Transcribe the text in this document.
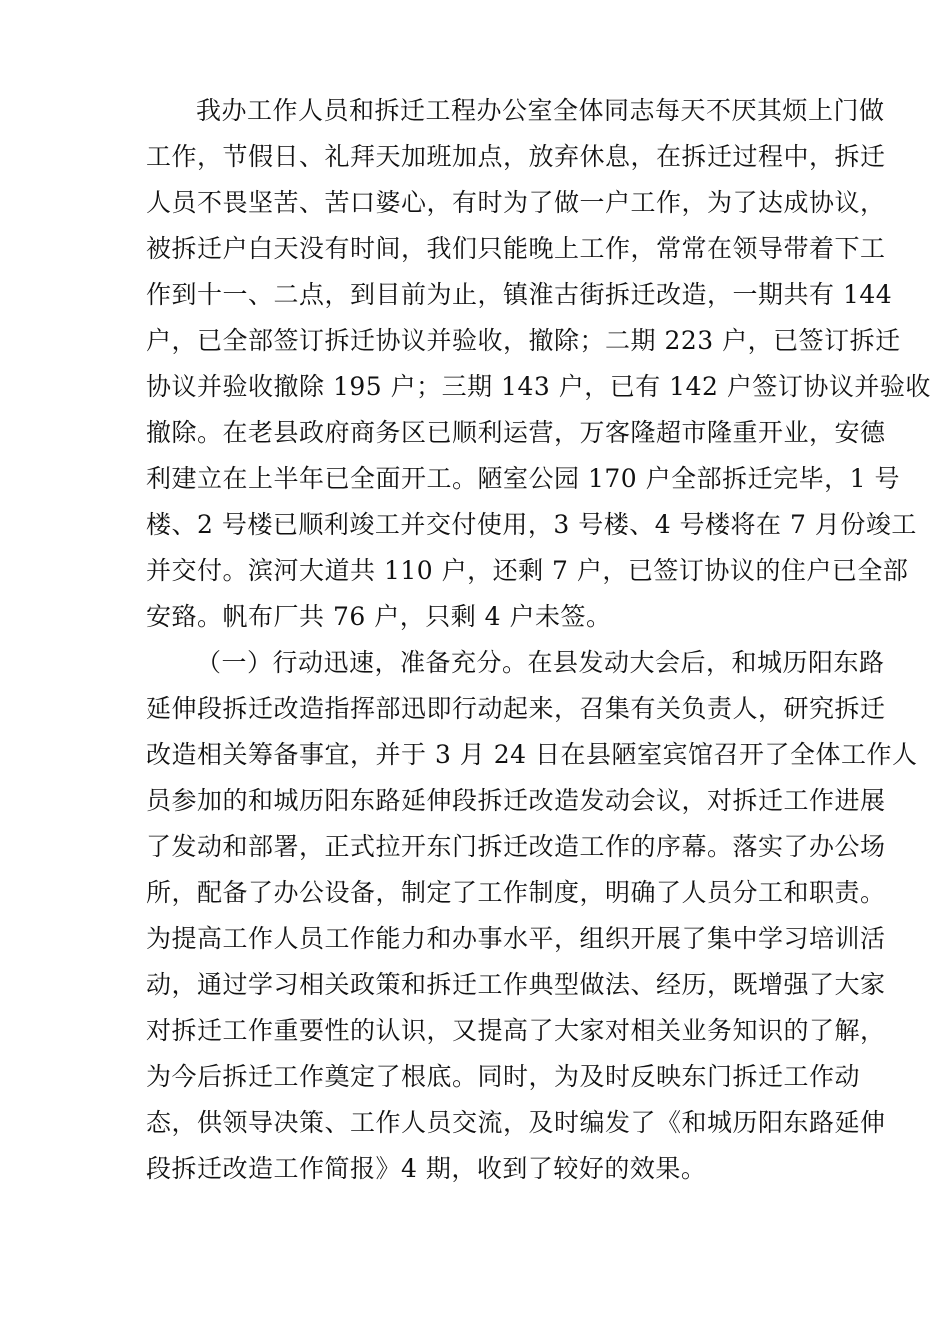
我办工作人员和拆迁工程办公室全体同志每天不厌其烦上门做
工作，节假日、礼拜天加班加点，放弃休息，在拆迁过程中，拆迁
人员不畏坚苦、苦口婆心，有时为了做一户工作，为了达成协议，
被拆迁户白天没有时间，我们只能晚上工作，常常在领导带着下工
作到十一、二点，到目前为止，镇淮古街拆迁改造，一期共有 144
户，已全部签订拆迁协议并验收，撤除；二期 223 户，已签订拆迁
协议并验收撤除 195 户；三期 143 户，已有 142 户签订协议并验收
撤除。在老县政府商务区已顺利运营，万客隆超市隆重开业，安德
利建立在上半年已全面开工。陋室公园 170 户全部拆迁完毕，1 号
楼、2 号楼已顺利竣工并交付使用，3 号楼、4 号楼将在 7 月份竣工
并交付。滨河大道共 110 户，还剩 7 户，已签订协议的住户已全部
安臵。帆布厂共 76 户，只剩 4 户未签。
（一）行动迅速，准备充分。在县发动大会后，和城历阳东路
延伸段拆迁改造指挥部迅即行动起来，召集有关负责人，研究拆迁
改造相关筹备事宜，并于 3 月 24 日在县陋室宾馆召开了全体工作人
员参加的和城历阳东路延伸段拆迁改造发动会议，对拆迁工作进展
了发动和部署，正式拉开东门拆迁改造工作的序幕。落实了办公场
所，配备了办公设备，制定了工作制度，明确了人员分工和职责。
为提高工作人员工作能力和办事水平，组织开展了集中学习培训活
动，通过学习相关政策和拆迁工作典型做法、经历，既增强了大家
对拆迁工作重要性的认识，又提高了大家对相关业务知识的了解，
为今后拆迁工作奠定了根底。同时，为及时反映东门拆迁工作动
态，供领导决策、工作人员交流，及时编发了《和城历阳东路延伸
段拆迁改造工作简报》4 期，收到了较好的效果。
